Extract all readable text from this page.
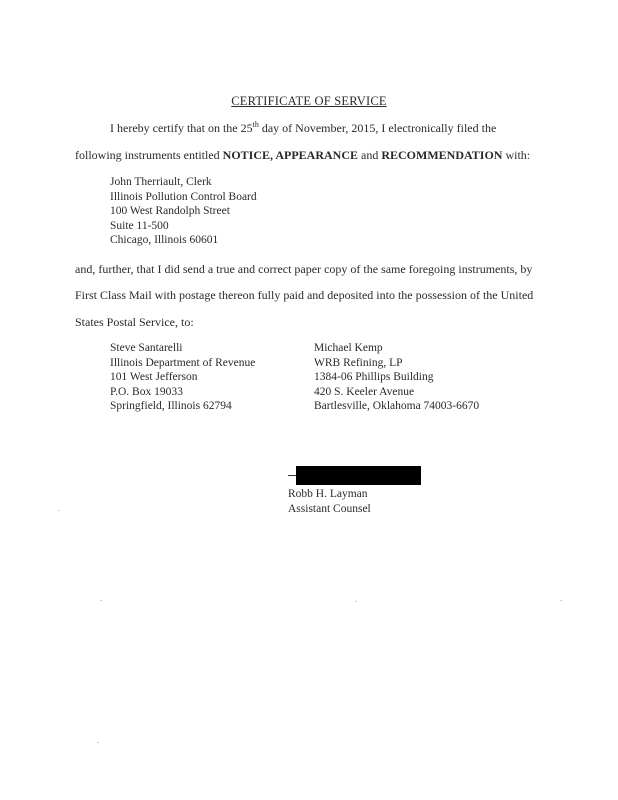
CERTIFICATE OF SERVICE
I hereby certify that on the 25th day of November, 2015, I electronically filed the
following instruments entitled NOTICE, APPEARANCE and RECOMMENDATION with:
John Therriault, Clerk
Illinois Pollution Control Board
100 West Randolph Street
Suite 11-500
Chicago, Illinois 60601
and, further, that I did send a true and correct paper copy of the same foregoing instruments, by
First Class Mail with postage thereon fully paid and deposited into the possession of the United
States Postal Service, to:
Steve Santarelli
Illinois Department of Revenue
101 West Jefferson
P.O. Box 19033
Springfield, Illinois 62794
Michael Kemp
WRB Refining, LP
1384-06 Phillips Building
420 S. Keeler Avenue
Bartlesville, Oklahoma 74003-6670
Robb H. Layman
Assistant Counsel
